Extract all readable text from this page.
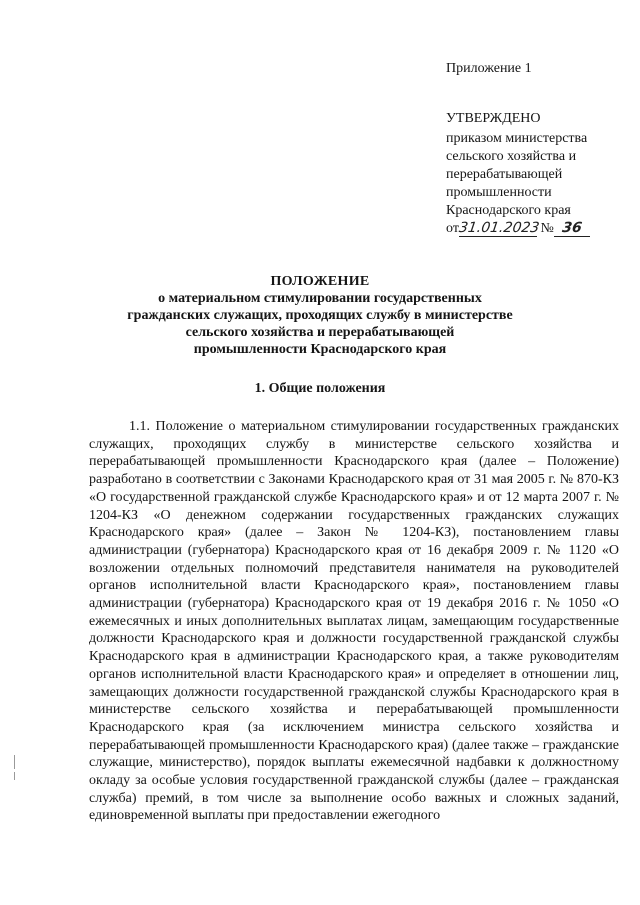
Приложение 1
УТВЕРЖДЕНО
приказом министерства
сельского хозяйства и
перерабатывающей
промышленности
Краснодарского края
от31.01.2023 № 36
ПОЛОЖЕНИЕ
о материальном стимулировании государственных
гражданских служащих, проходящих службу в министерстве
сельского хозяйства и перерабатывающей
промышленности Краснодарского края
1. Общие положения

1.1. Положение о материальном стимулировании государственных гражданских служащих, проходящих службу в министерстве сельского хозяйства и перерабатывающей промышленности Краснодарского края (далее – Положение) разработано в соответствии с Законами Краснодарского края от 31 мая 2005 г. № 870-КЗ «О государственной гражданской службе Краснодарского края» и от 12 марта 2007 г. № 1204-КЗ «О денежном содержании государственных гражданских служащих Краснодарского края» (далее – Закон № 1204-КЗ), постановлением главы администрации (губернатора) Краснодарского края от 16 декабря 2009 г. № 1120 «О возложении отдельных полномочий представителя нанимателя на руководителей органов исполнительной власти Краснодарского края», постановлением главы администрации (губернатора) Краснодарского края от 19 декабря 2016 г. № 1050 «О ежемесячных и иных дополнительных выплатах лицам, замещающим государственные должности Краснодарского края и должности государственной гражданской службы Краснодарского края в администрации Краснодарского края, а также руководителям органов исполнительной власти Краснодарского края» и определяет в отношении лиц, замещающих должности государственной гражданской службы Краснодарского края в министерстве сельского хозяйства и перерабатывающей промышленности Краснодарского края (за исключением министра сельского хозяйства и перерабатывающей промышленности Краснодарского края) (далее также – гражданские служащие, министерство), порядок выплаты ежемесячной надбавки к должностному окладу за особые условия государственной гражданской службы (далее – гражданская служба) премий, в том числе за выполнение особо важных и сложных заданий, единовременной выплаты при предоставлении ежегодного
